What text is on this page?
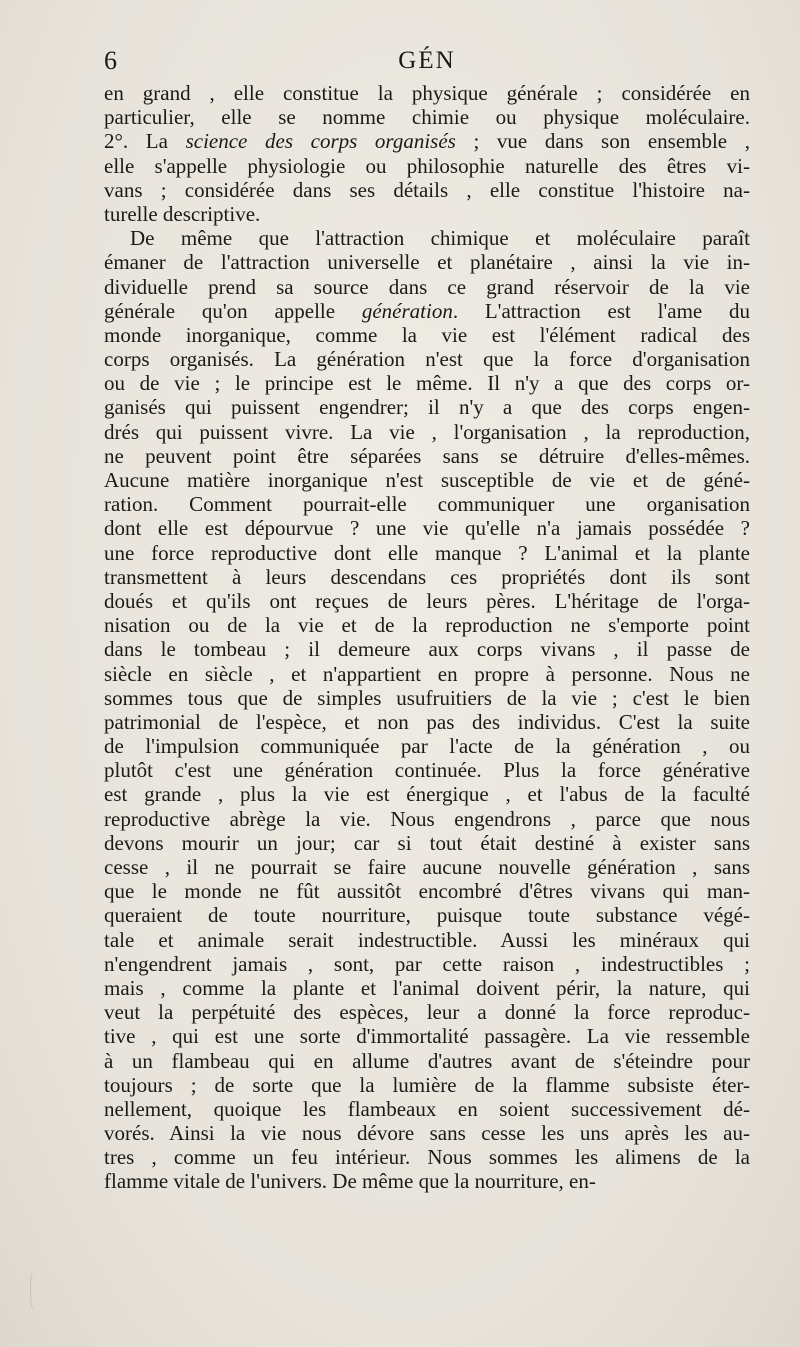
6	GÉN
en grand , elle constitue la physique générale ; considérée en
particulier, elle se nomme chimie ou physique moléculaire.
2°. La science des corps organisés ; vue dans son ensemble ,
elle s'appelle physiologie ou philosophie naturelle des êtres vi-
vans ; considérée dans ses détails , elle constitue l'histoire na-
turelle descriptive.
De même que l'attraction chimique et moléculaire paraît
émaner de l'attraction universelle et planétaire , ainsi la vie in-
dividuelle prend sa source dans ce grand réservoir de la vie
générale qu'on appelle génération. L'attraction est l'ame du
monde inorganique, comme la vie est l'élément radical des
corps organisés. La génération n'est que la force d'organisation
ou de vie ; le principe est le même. Il n'y a que des corps or-
ganisés qui puissent engendrer; il n'y a que des corps engen-
drés qui puissent vivre. La vie , l'organisation , la reproduction,
ne peuvent point être séparées sans se détruire d'elles-mêmes.
Aucune matière inorganique n'est susceptible de vie et de géné-
ration. Comment pourrait-elle communiquer une organisation
dont elle est dépourvue ? une vie qu'elle n'a jamais possédée ?
une force reproductive dont elle manque ? L'animal et la plante
transmettent à leurs descendans ces propriétés dont ils sont
doués et qu'ils ont reçues de leurs pères. L'héritage de l'orga-
nisation ou de la vie et de la reproduction ne s'emporte point
dans le tombeau ; il demeure aux corps vivans , il passe de
siècle en siècle , et n'appartient en propre à personne. Nous ne
sommes tous que de simples usufruitiers de la vie ; c'est le bien
patrimonial de l'espèce, et non pas des individus. C'est la suite
de l'impulsion communiquée par l'acte de la génération , ou
plutôt c'est une génération continuée. Plus la force générative
est grande , plus la vie est énergique , et l'abus de la faculté
reproductive abrège la vie. Nous engendrons , parce que nous
devons mourir un jour; car si tout était destiné à exister sans
cesse , il ne pourrait se faire aucune nouvelle génération , sans
que le monde ne fût aussitôt encombré d'êtres vivans qui man-
queraient de toute nourriture, puisque toute substance végé-
tale et animale serait indestructible. Aussi les minéraux qui
n'engendrent jamais , sont, par cette raison , indestructibles ;
mais , comme la plante et l'animal doivent périr, la nature, qui
veut la perpétuité des espèces, leur a donné la force reproduc-
tive , qui est une sorte d'immortalité passagère. La vie ressemble
à un flambeau qui en allume d'autres avant de s'éteindre pour
toujours ; de sorte que la lumière de la flamme subsiste éter-
nellement, quoique les flambeaux en soient successivement dé-
vorés. Ainsi la vie nous dévore sans cesse les uns après les au-
tres , comme un feu intérieur. Nous sommes les alimens de la
flamme vitale de l'univers. De même que la nourriture, en-
